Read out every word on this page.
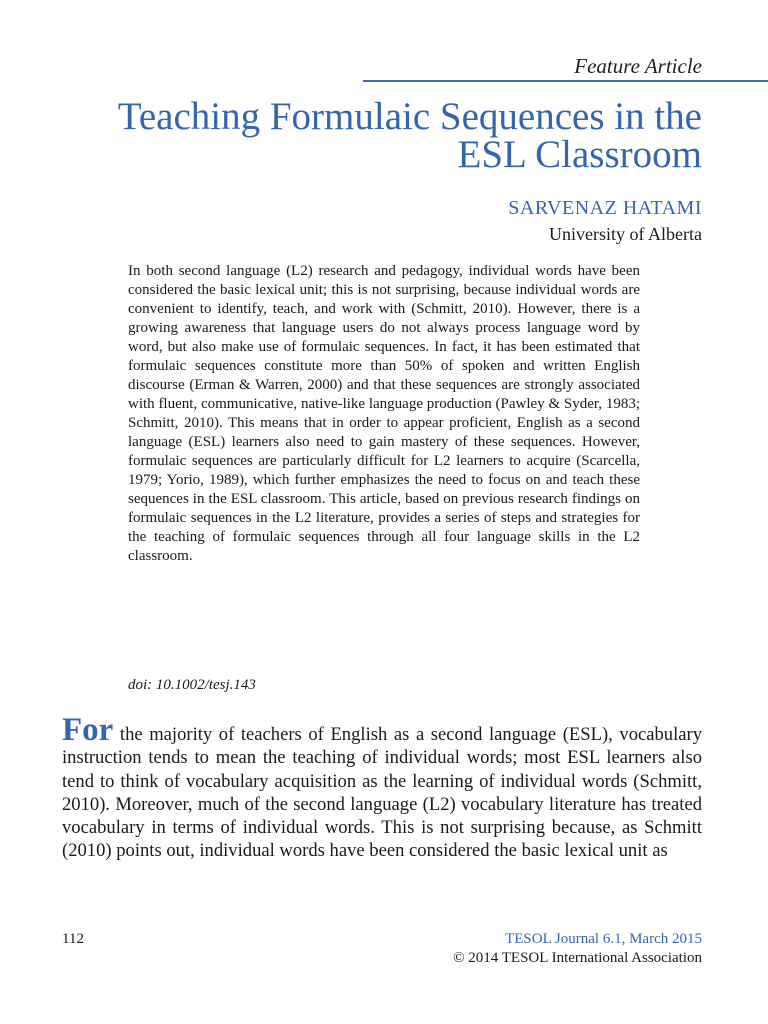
Feature Article
Teaching Formulaic Sequences in the ESL Classroom
SARVENAZ HATAMI
University of Alberta

In both second language (L2) research and pedagogy, individual words have been considered the basic lexical unit; this is not surprising, because individual words are convenient to identify, teach, and work with (Schmitt, 2010). However, there is a growing awareness that language users do not always process language word by word, but also make use of formulaic sequences. In fact, it has been estimated that formulaic sequences constitute more than 50% of spoken and written English discourse (Erman & Warren, 2000) and that these sequences are strongly associated with fluent, communicative, native-like language production (Pawley & Syder, 1983; Schmitt, 2010). This means that in order to appear proficient, English as a second language (ESL) learners also need to gain mastery of these sequences. However, formulaic sequences are particularly difficult for L2 learners to acquire (Scarcella, 1979; Yorio, 1989), which further emphasizes the need to focus on and teach these sequences in the ESL classroom. This article, based on previous research findings on formulaic sequences in the L2 literature, provides a series of steps and strategies for the teaching of formulaic sequences through all four language skills in the L2 classroom.

doi: 10.1002/tesj.143

For the majority of teachers of English as a second language (ESL), vocabulary instruction tends to mean the teaching of individual words; most ESL learners also tend to think of vocabulary acquisition as the learning of individual words (Schmitt, 2010). Moreover, much of the second language (L2) vocabulary literature has treated vocabulary in terms of individual words. This is not surprising because, as Schmitt (2010) points out, individual words have been considered the basic lexical unit as

112	TESOL Journal 6.1, March 2015
© 2014 TESOL International Association
